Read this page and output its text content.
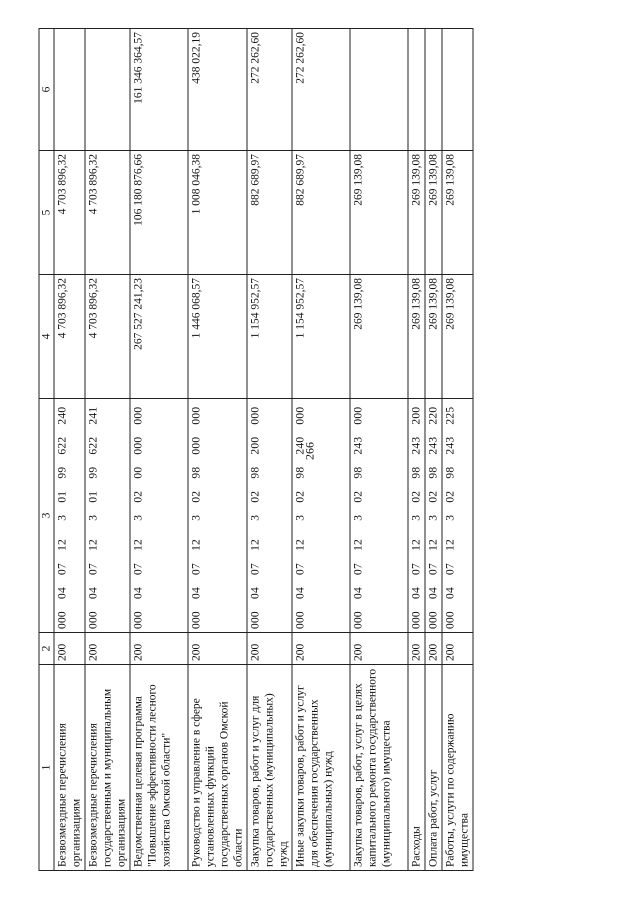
266
1	2	3	4	5	6
Безвозмездные перечисления организациям	200	000  04  07  12   3  01  99  622  240	4 703 896,32	4 703 896,32	
Безвозмездные перечисления государственным и муниципальным организациям	200	000  04  07  12   3  01  99  622  241	4 703 896,32	4 703 896,32	
Ведомственная целевая программа "Повышение эффективности лесного хозяйства Омской области"	200	000  04  07  12   3  02  00  000  000	267 527 241,23	106 180 876,66	161 346 364,57
Руководство и управление в сфере установленных функций государственных органов Омской области	200	000  04  07  12   3  02  98  000  000	1 446 068,57	1 008 046,38	438 022,19
Закупка товаров, работ и услуг для государственных (муниципальных) нужд	200	000  04  07  12   3  02  98  200  000	1 154 952,57	882 689,97	272 262,60
Иные закупки товаров, работ и услуг для обеспечения государственных (муниципальных) нужд	200	000  04  07  12   3  02  98  240  000	1 154 952,57	882 689,97	272 262,60
Закупка товаров, работ, услуг в целях капитального ремонта государственного (муниципального) имущества	200	000  04  07  12   3  02  98  243  000	269 139,08	269 139,08	
Расходы	200	000  04  07  12   3  02  98  243  200	269 139,08	269 139,08	
Оплата работ, услуг	200	000  04  07  12   3  02  98  243  220	269 139,08	269 139,08	
Работы, услуги по содержанию имущества	200	000  04  07  12   3  02  98  243  225	269 139,08	269 139,08	
